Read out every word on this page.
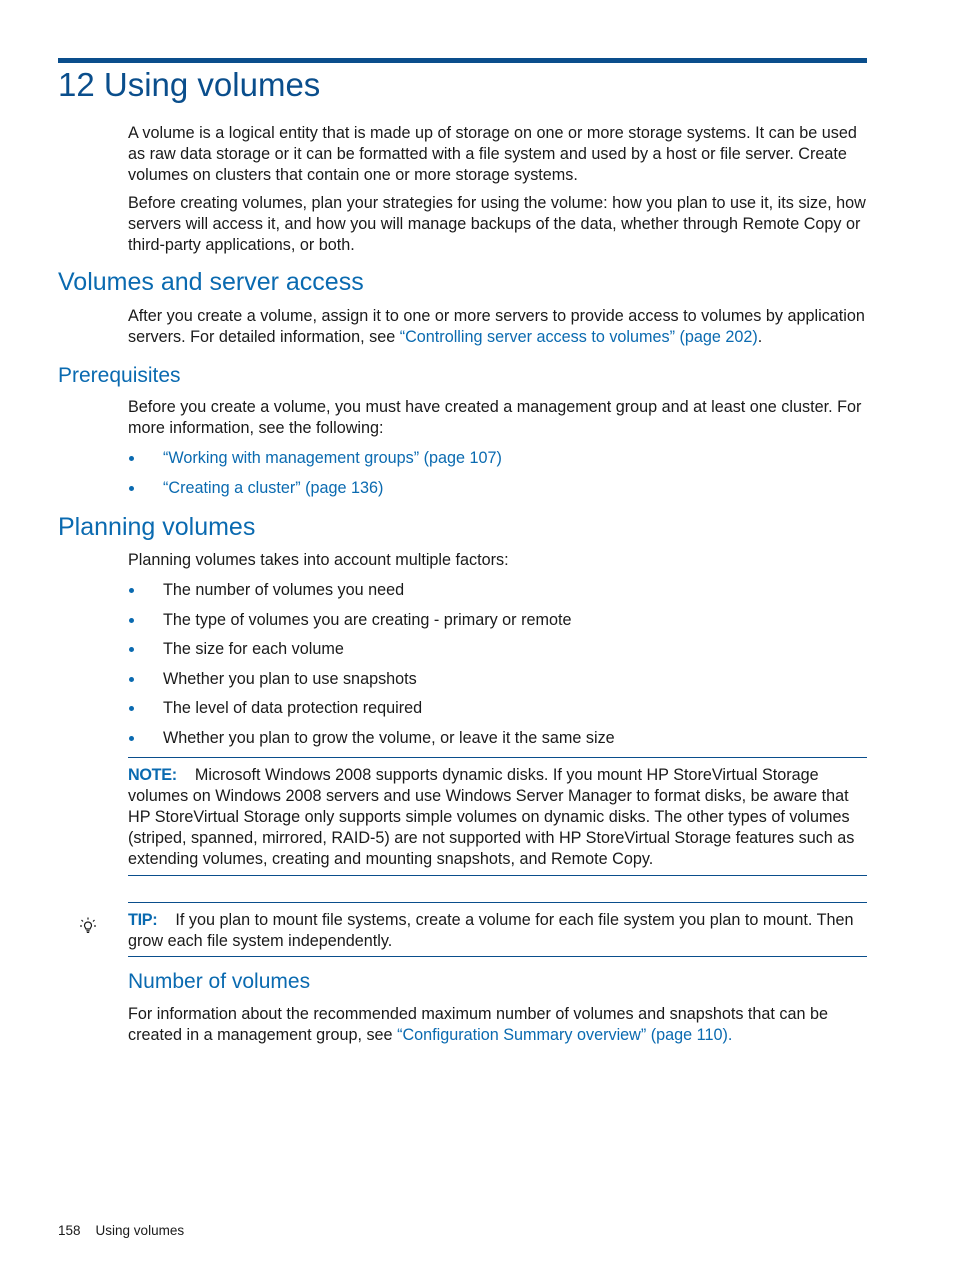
12 Using volumes

A volume is a logical entity that is made up of storage on one or more storage systems. It can be used as raw data storage or it can be formatted with a file system and used by a host or file server. Create volumes on clusters that contain one or more storage systems.

Before creating volumes, plan your strategies for using the volume: how you plan to use it, its size, how servers will access it, and how you will manage backups of the data, whether through Remote Copy or third-party applications, or both.

Volumes and server access
After you create a volume, assign it to one or more servers to provide access to volumes by application servers. For detailed information, see “Controlling server access to volumes” (page 202).
Prerequisites
Before you create a volume, you must have created a management group and at least one cluster. For more information, see the following:
“Working with management groups” (page 107)
“Creating a cluster” (page 136)
Planning volumes
Planning volumes takes into account multiple factors:
The number of volumes you need
The type of volumes you are creating - primary or remote
The size for each volume
Whether you plan to use snapshots
The level of data protection required
Whether you plan to grow the volume, or leave it the same size
NOTE: Microsoft Windows 2008 supports dynamic disks. If you mount HP StoreVirtual Storage volumes on Windows 2008 servers and use Windows Server Manager to format disks, be aware that HP StoreVirtual Storage only supports simple volumes on dynamic disks. The other types of volumes (striped, spanned, mirrored, RAID-5) are not supported with HP StoreVirtual Storage features such as extending volumes, creating and mounting snapshots, and Remote Copy.
TIP: If you plan to mount file systems, create a volume for each file system you plan to mount. Then grow each file system independently.
Number of volumes
For information about the recommended maximum number of volumes and snapshots that can be created in a management group, see “Configuration Summary overview” (page 110).
158 Using volumes
